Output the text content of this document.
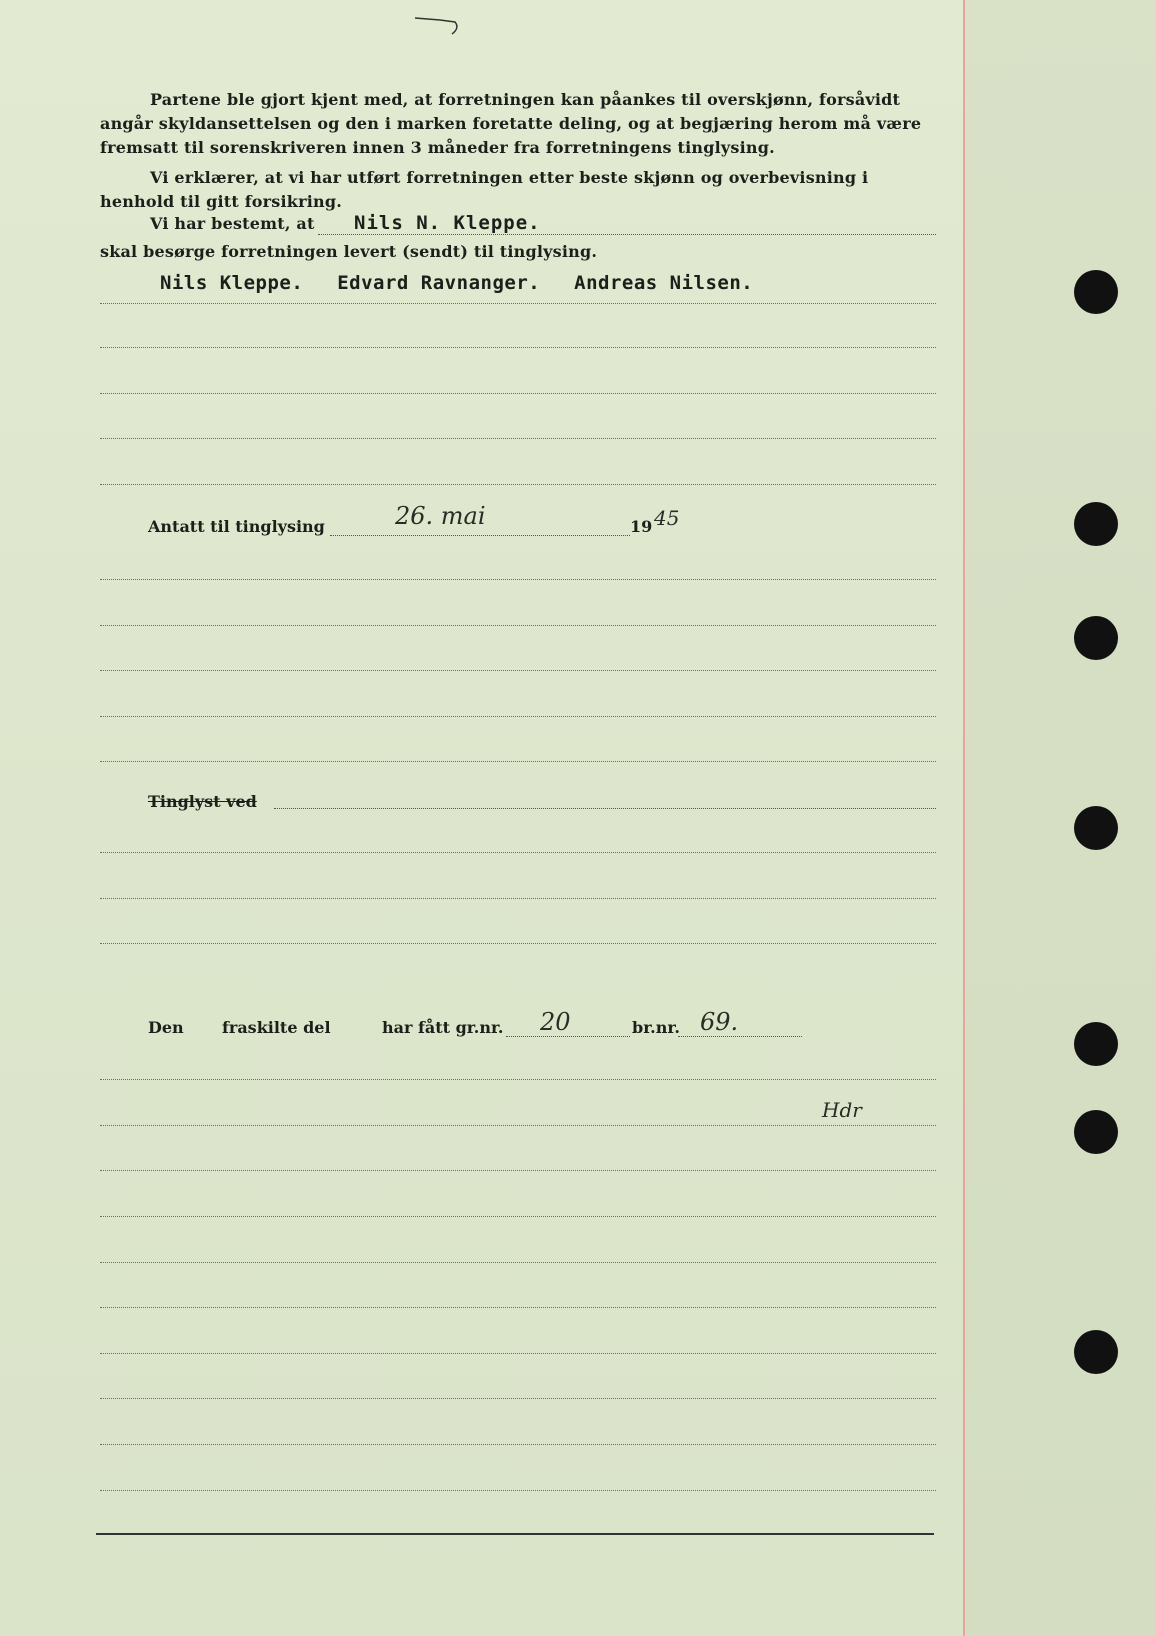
Partene ble gjort kjent med, at forretningen kan påankes til overskjønn, forsåvidt angår skyldansettelsen og den i marken foretatte deling, og at begjæring herom må være fremsatt til sorenskriveren innen 3 måneder fra forretningens tinglysing.
Vi erklærer, at vi har utført forretningen etter beste skjønn og overbevisning i henhold til gitt forsikring.
Vi har bestemt, at	Nils N. Kleppe.
skal besørge forretningen levert (sendt) til tinglysing.
Nils Kleppe. Edvard Ravnanger. Andreas Nilsen.
Antatt til tinglysing	26. mai	19 45
Tinglyst ved
Den fraskilte del	har fått gr.nr. 20	br.nr. 69.
Hdr
